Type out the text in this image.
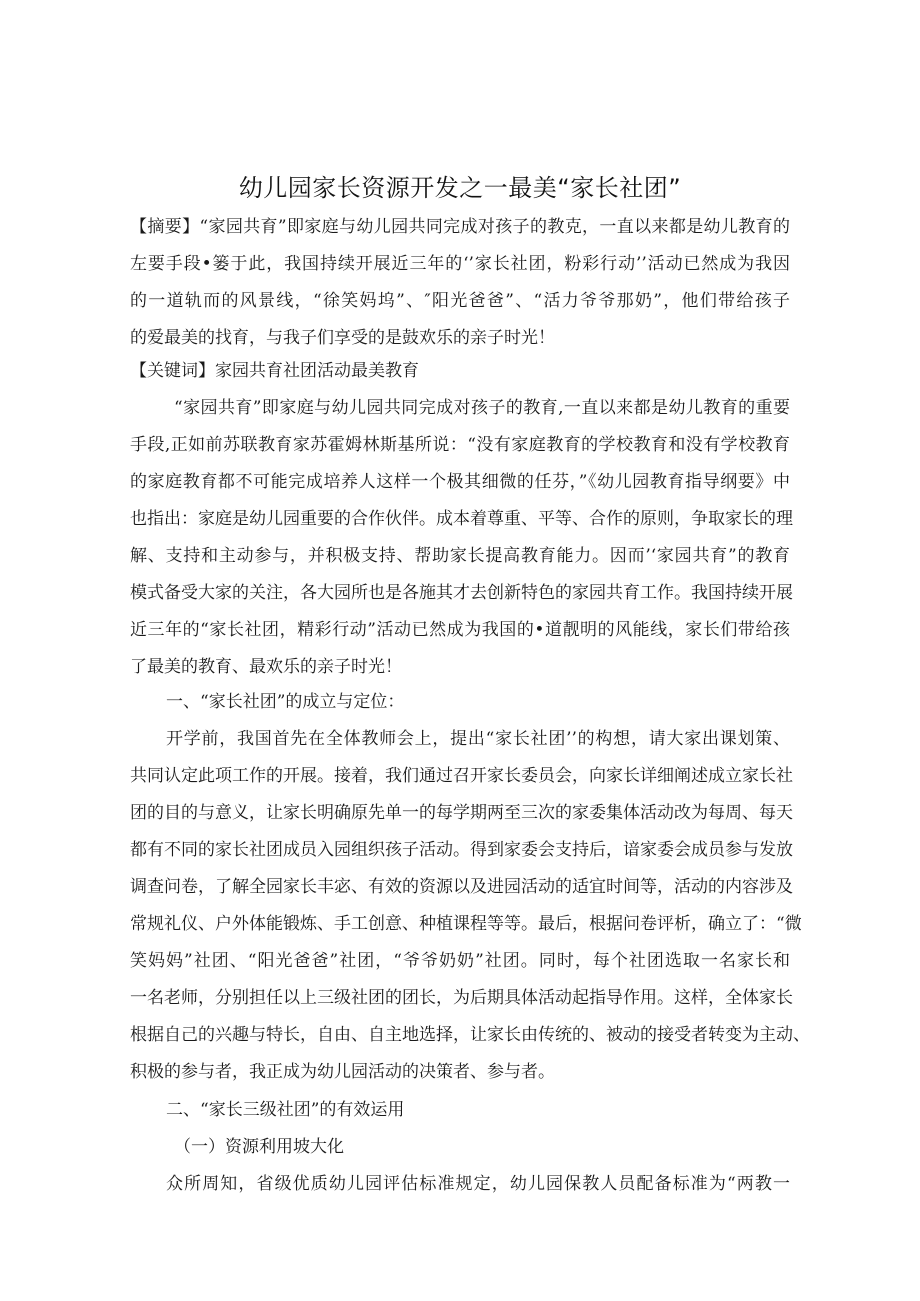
幼儿园家长资源开发之一最美“家长社团”
【摘要】“家园共育”即家庭与幼儿园共同完成对孩子的教克，一直以来都是幼儿教育的
左要手段•篓于此，我国持续开展近三年的‘’家长社团，粉彩行动’’活动已然成为我因
的一道轨而的风景线，“徐笑妈坞”、″阳光爸爸”、“活力爷爷那奶”，他们带给孩子
的爱最美的找育，与我子们享受的是鼓欢乐的亲子时光！
【关键词】家园共育社团活动最美教育
“家园共育”即家庭与幼儿园共同完成对孩子的教育,一直以来都是幼儿教育的重要
手段,正如前苏联教育家苏霍姆林斯基所说：“没有家庭教育的学校教育和没有学校教育
的家庭教育都不可能完成培养人这样一个极其细微的任芬，”《幼儿园教育指导纲要》中
也指出：家庭是幼儿园重要的合作伙伴。成本着尊重、平等、合作的原则，争取家长的理
解、支持和主动参与，并积极支持、帮助家长提高教育能力。因而’‘家园共育”的教育
模式备受大家的关注，各大园所也是各施其才去创新特色的家园共育工作。我国持续开展
近三年的“家长社团，精彩行动”活动已然成为我国的•道靓明的风能线，家长们带给孩
了最美的教育、最欢乐的亲子时光！
一、“家长社团”的成立与定位：
开学前，我国首先在全体教师会上，提出“家长社团’’的构想，请大家出课划策、
共同认定此项工作的开展。接着，我们通过召开家长委员会，向家长详细阐述成立家长社
团的目的与意义，让家长明确原先单一的每学期两至三次的家委集体活动改为每周、每天
都有不同的家长社团成员入园组织孩子活动。得到家委会支持后，谙家委会成员参与发放
调查问卷，了解全园家长丰宓、有效的资源以及进园活动的适宜时间等，活动的内容涉及
常规礼仪、户外体能锻炼、手工创意、种植课程等等。最后，根据问卷评析，确立了：“微
笑妈妈”社团、“阳光爸爸”社团，“爷爷奶奶”社团。同时，每个社团选取一名家长和
一名老师，分别担任以上三级社团的团长，为后期具体活动起指导作用。这样，全体家长
根据自己的兴趣与特长，自由、自主地选择，让家长由传统的、被动的接受者转变为主动、
积极的参与者，我正成为幼儿园活动的决策者、参与者。
二、“家长三级社团”的有效运用
（一）资源利用坡大化
众所周知，省级优质幼儿园评估标准规定，幼儿园保教人员配备标准为“两教一
